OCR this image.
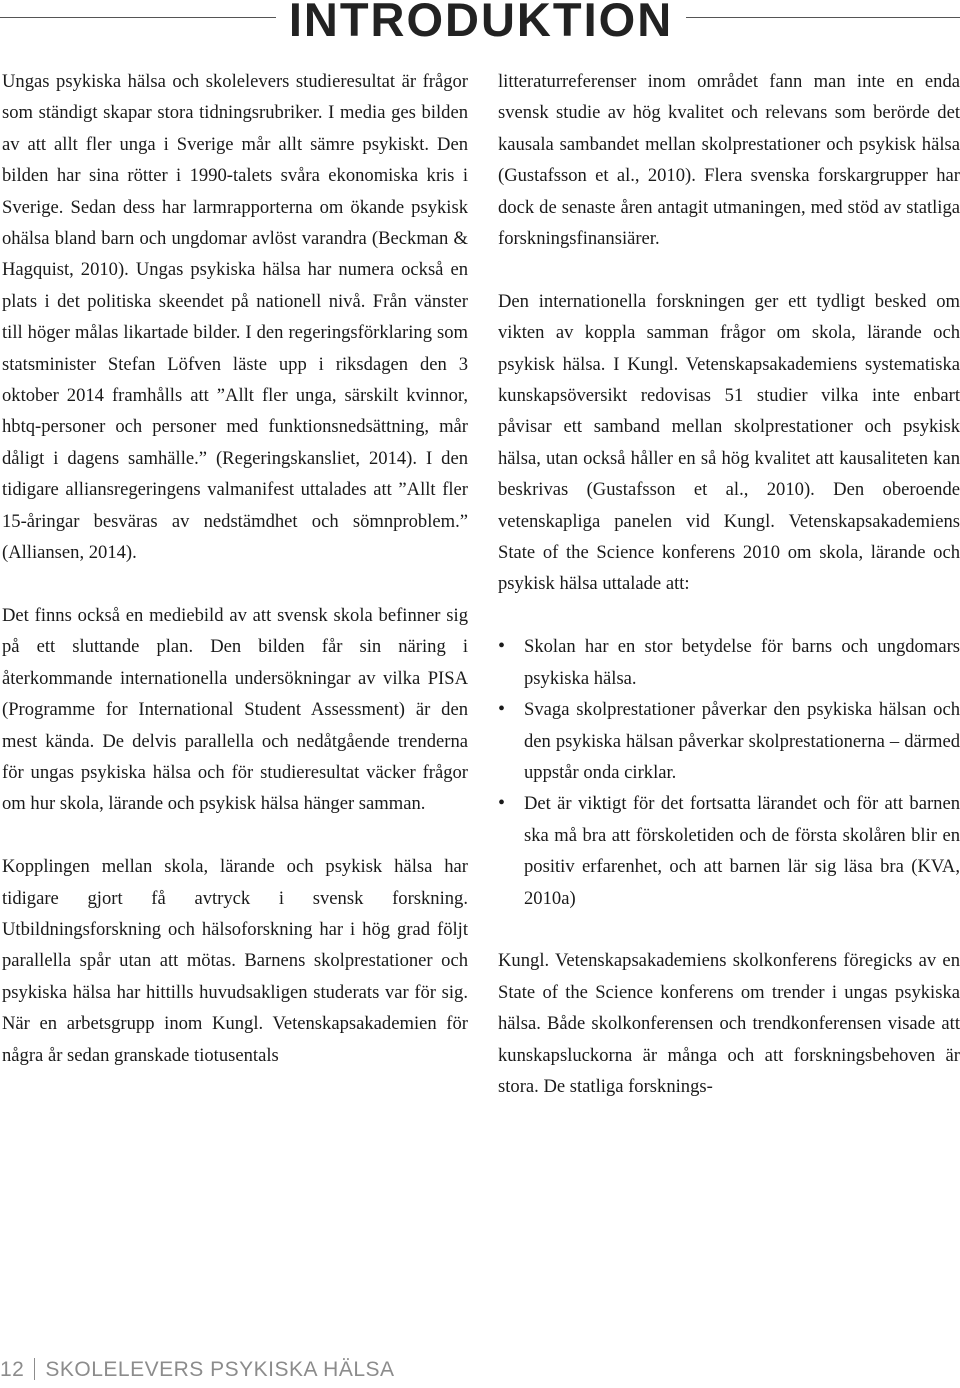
INTRODUKTION

Ungas psykiska hälsa och skolelevers studieresultat är frågor som ständigt skapar stora tidningsrubriker. I media ges bilden av att allt fler unga i Sverige mår allt sämre psykiskt. Den bilden har sina rötter i 1990-talets svåra ekonomiska kris i Sverige. Sedan dess har larmrapporterna om ökande psykisk ohälsa bland barn och ungdomar avlöst varandra (Beckman & Hagquist, 2010). Ungas psykiska hälsa har numera också en plats i det politiska skeendet på nationell nivå. Från vänster till höger målas likartade bilder. I den regeringsförklaring som statsminister Stefan Löfven läste upp i riksdagen den 3 oktober 2014 framhålls att ”Allt fler unga, särskilt kvinnor, hbtq-personer och personer med funktionsnedsättning, mår dåligt i dagens samhälle.” (Regeringskansliet, 2014). I den tidigare alliansregeringens valmanifest uttalades att ”Allt fler 15-åringar besväras av nedstämdhet och sömnproblem.” (Alliansen, 2014).

Det finns också en mediebild av att svensk skola befinner sig på ett sluttande plan. Den bilden får sin näring i återkommande internationella undersökningar av vilka PISA (Programme for International Student Assessment) är den mest kända. De delvis parallella och nedåtgående trenderna för ungas psykiska hälsa och för studieresultat väcker frågor om hur skola, lärande och psykisk hälsa hänger samman.

Kopplingen mellan skola, lärande och psykisk hälsa har tidigare gjort få avtryck i svensk forskning. Utbildningsforskning och hälsoforskning har i hög grad följt parallella spår utan att mötas. Barnens skolprestationer och psykiska hälsa har hittills huvudsakligen studerats var för sig. När en arbetsgrupp inom Kungl. Vetenskapsakademien för några år sedan granskade tiotusentals

litteraturreferenser inom området fann man inte en enda svensk studie av hög kvalitet och relevans som berörde det kausala sambandet mellan skolprestationer och psykisk hälsa (Gustafsson et al., 2010). Flera svenska forskargrupper har dock de senaste åren antagit utmaningen, med stöd av statliga forskningsfinansiärer.

Den internationella forskningen ger ett tydligt besked om vikten av koppla samman frågor om skola, lärande och psykisk hälsa. I Kungl. Vetenskapsakademiens systematiska kunskapsöversikt redovisas 51 studier vilka inte enbart påvisar ett samband mellan skolprestationer och psykisk hälsa, utan också håller en så hög kvalitet att kausaliteten kan beskrivas (Gustafsson et al., 2010). Den oberoende vetenskapliga panelen vid Kungl. Vetenskapsakademiens State of the Science konferens 2010 om skola, lärande och psykisk hälsa uttalade att:

• Skolan har en stor betydelse för barns och ungdomars psykiska hälsa.
• Svaga skolprestationer påverkar den psykiska hälsan och den psykiska hälsan påverkar skolprestationerna – därmed uppstår onda cirklar.
• Det är viktigt för det fortsatta lärandet och för att barnen ska må bra att förskoletiden och de första skolåren blir en positiv erfarenhet, och att barnen lär sig läsa bra (KVA, 2010a)

Kungl. Vetenskapsakademiens skolkonferens föregicks av en State of the Science konferens om trender i ungas psykiska hälsa. Både skolkonferensen och trendkonferensen visade att kunskapsluckorna är många och att forskningsbehoven är stora. De statliga forsknings-

12 SKOLELEVERS PSYKISKA HÄLSA
